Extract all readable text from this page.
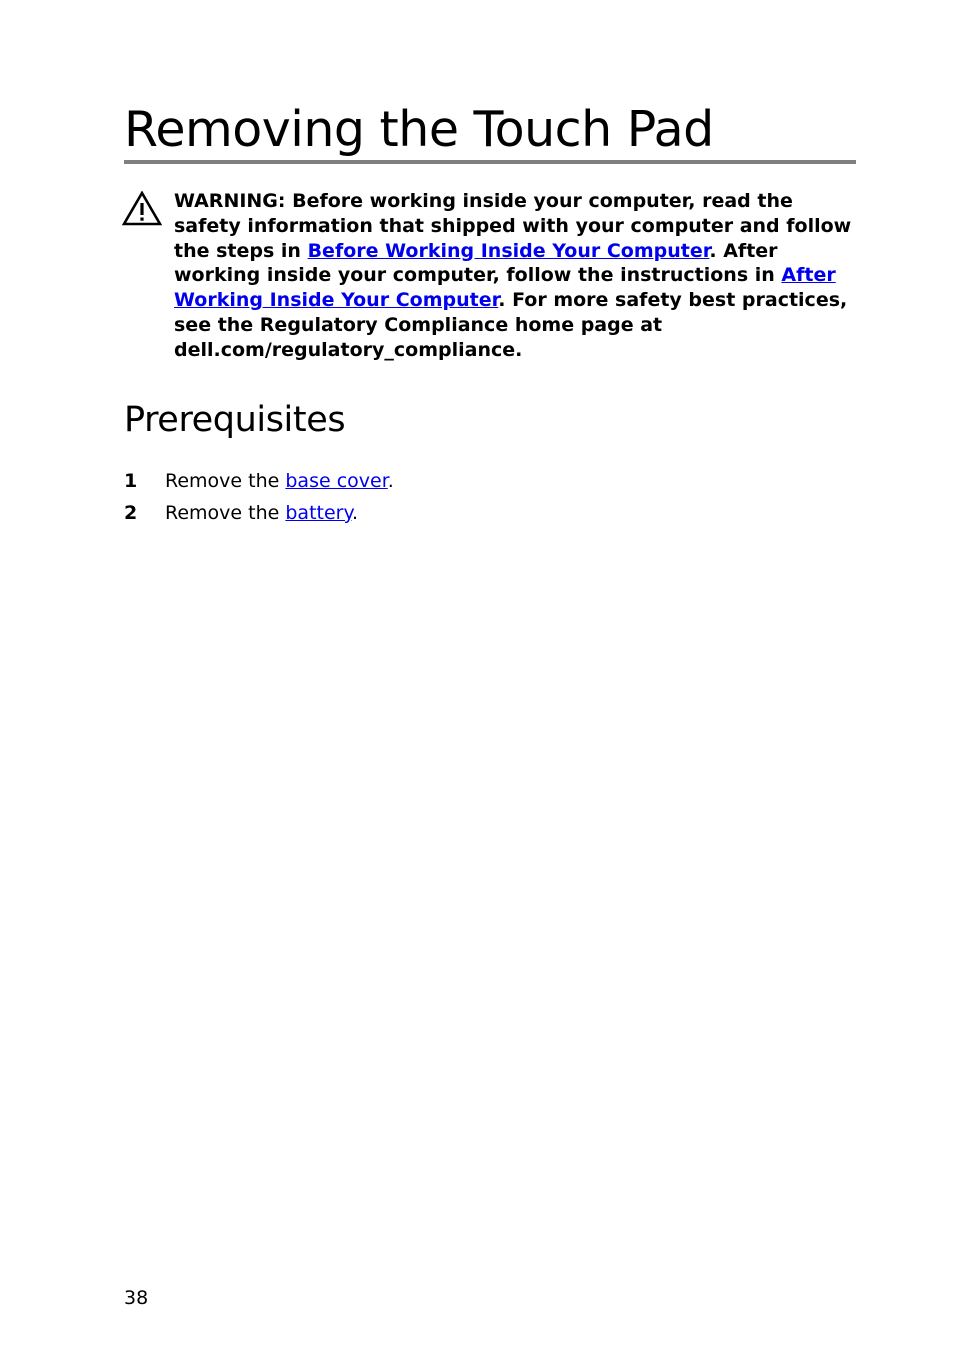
Removing the Touch Pad

WARNING: Before working inside your computer, read the safety information that shipped with your computer and follow the steps in Before Working Inside Your Computer. After working inside your computer, follow the instructions in After Working Inside Your Computer. For more safety best practices, see the Regulatory Compliance home page at dell.com/regulatory_compliance.

Prerequisites
1 Remove the base cover.
2 Remove the battery.
38
